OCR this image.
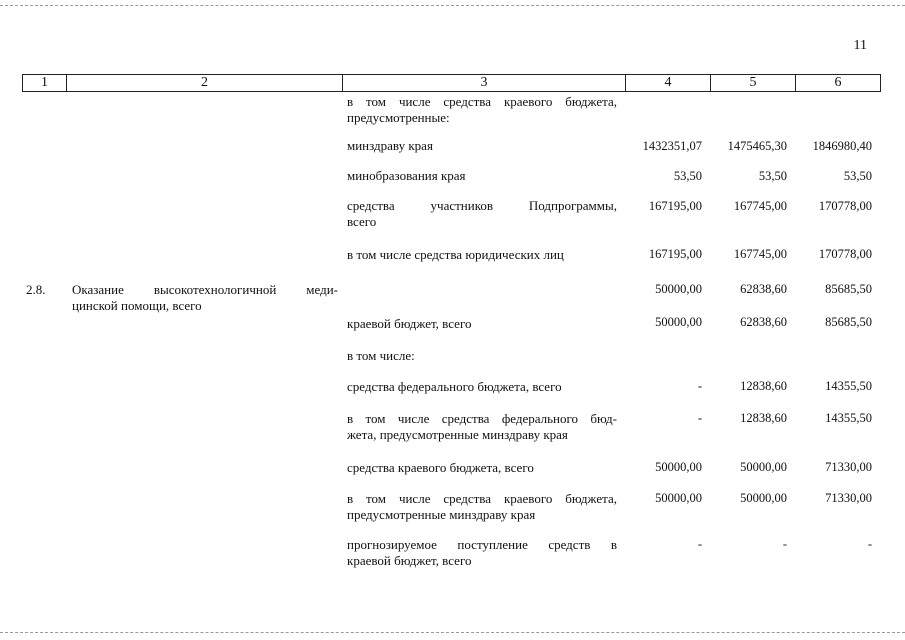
11
1	2	3	4	5	6
в том числе средства краевого бюджета,
предусмотренные:
минздраву края	1432351,07	1475465,30	1846980,40
минобразования края	53,50	53,50	53,50
средства участников Подпрограммы,
всего
167195,00	167745,00	170778,00
в том числе средства юридических лиц	167195,00	167745,00	170778,00
2.8. Оказание высокотехнологичной меди-
цинской помощи, всего
50000,00	62838,60	85685,50
краевой бюджет, всего	50000,00	62838,60	85685,50
в том числе:
средства федерального бюджета, всего	-	12838,60	14355,50
в том числе средства федерального бюд-
жета, предусмотренные минздраву края
-	12838,60	14355,50
средства краевого бюджета, всего	50000,00	50000,00	71330,00
в том числе средства краевого бюджета,
предусмотренные минздраву края
50000,00	50000,00	71330,00
прогнозируемое поступление средств в
краевой бюджет, всего
-	-	-
